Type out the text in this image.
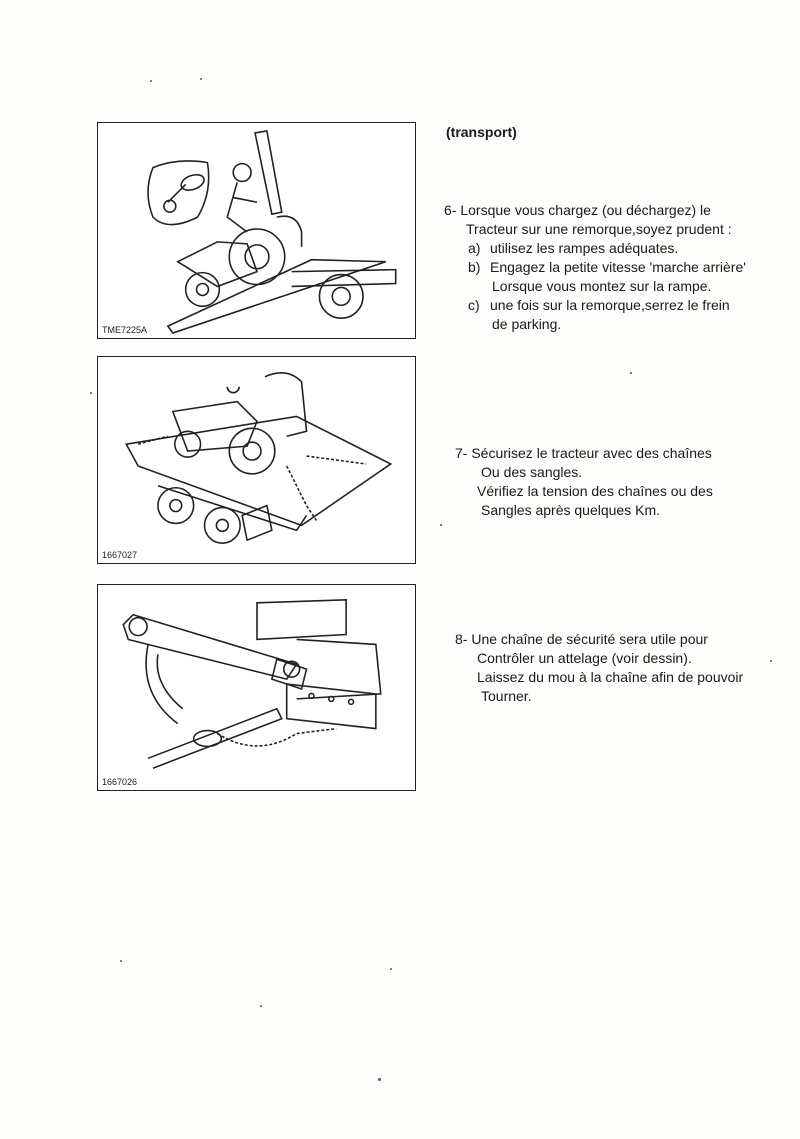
TME7225A
1667027
1667026
(transport)
6- Lorsque vous chargez (ou déchargez) le
Tracteur sur une remorque,soyez prudent :
a) utilisez les rampes adéquates.
b) Engagez la petite vitesse 'marche arrière'
Lorsque vous montez sur la rampe.
c) une fois sur la remorque,serrez le frein
de parking.
7- Sécurisez le tracteur avec des chaînes
Ou des sangles.
Vérifiez la tension des chaînes ou des
Sangles après quelques Km.
8- Une chaîne de sécurité sera utile pour
Contrôler un attelage (voir dessin).
Laissez du mou à la chaîne afin de pouvoir
Tourner.
